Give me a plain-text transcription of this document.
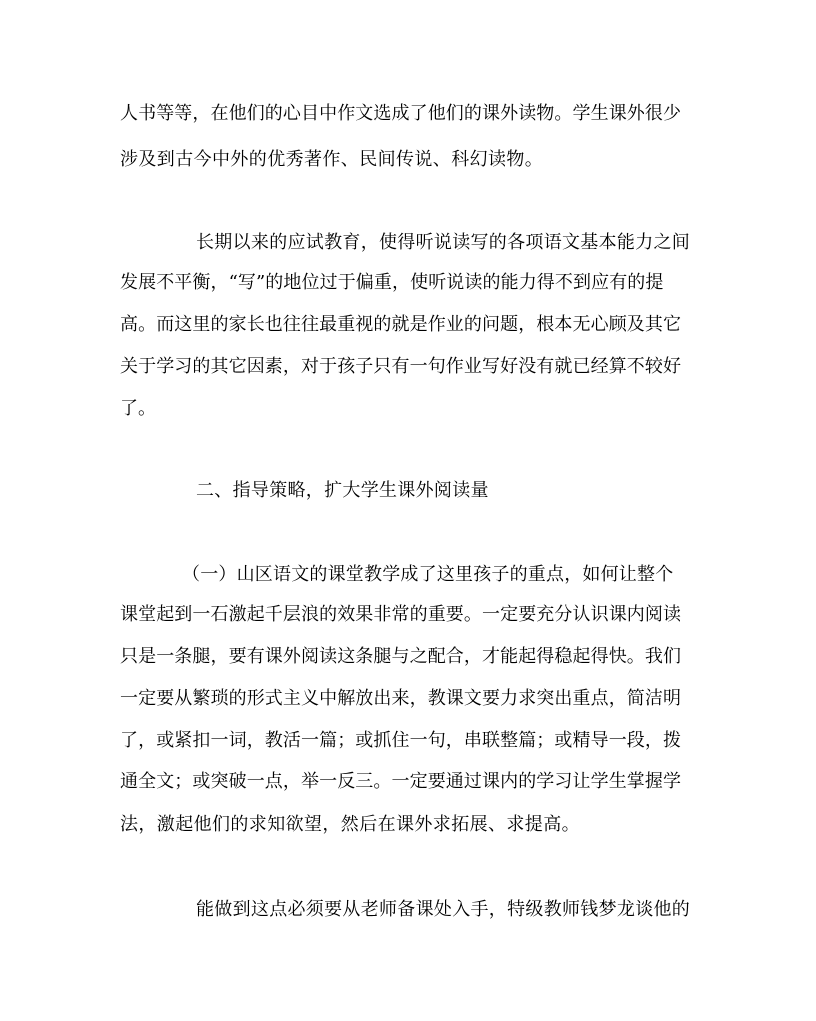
人书等等，在他们的心目中作文选成了他们的课外读物。学生课外很少
涉及到古今中外的优秀著作、民间传说、科幻读物。
长期以来的应试教育，使得听说读写的各项语文基本能力之间
发展不平衡，“写”的地位过于偏重，使听说读的能力得不到应有的提
高。而这里的家长也往往最重视的就是作业的问题，根本无心顾及其它
关于学习的其它因素，对于孩子只有一句作业写好没有就已经算不较好
了。
二、指导策略，扩大学生课外阅读量
（一）山区语文的课堂教学成了这里孩子的重点，如何让整个
课堂起到一石激起千层浪的效果非常的重要。一定要充分认识课内阅读
只是一条腿，要有课外阅读这条腿与之配合，才能起得稳起得快。我们
一定要从繁琐的形式主义中解放出来，教课文要力求突出重点，简洁明
了，或紧扣一词，教活一篇；或抓住一句，串联整篇；或精导一段，拨
通全文；或突破一点，举一反三。一定要通过课内的学习让学生掌握学
法，激起他们的求知欲望，然后在课外求拓展、求提高。
能做到这点必须要从老师备课处入手，特级教师钱梦龙谈他的
